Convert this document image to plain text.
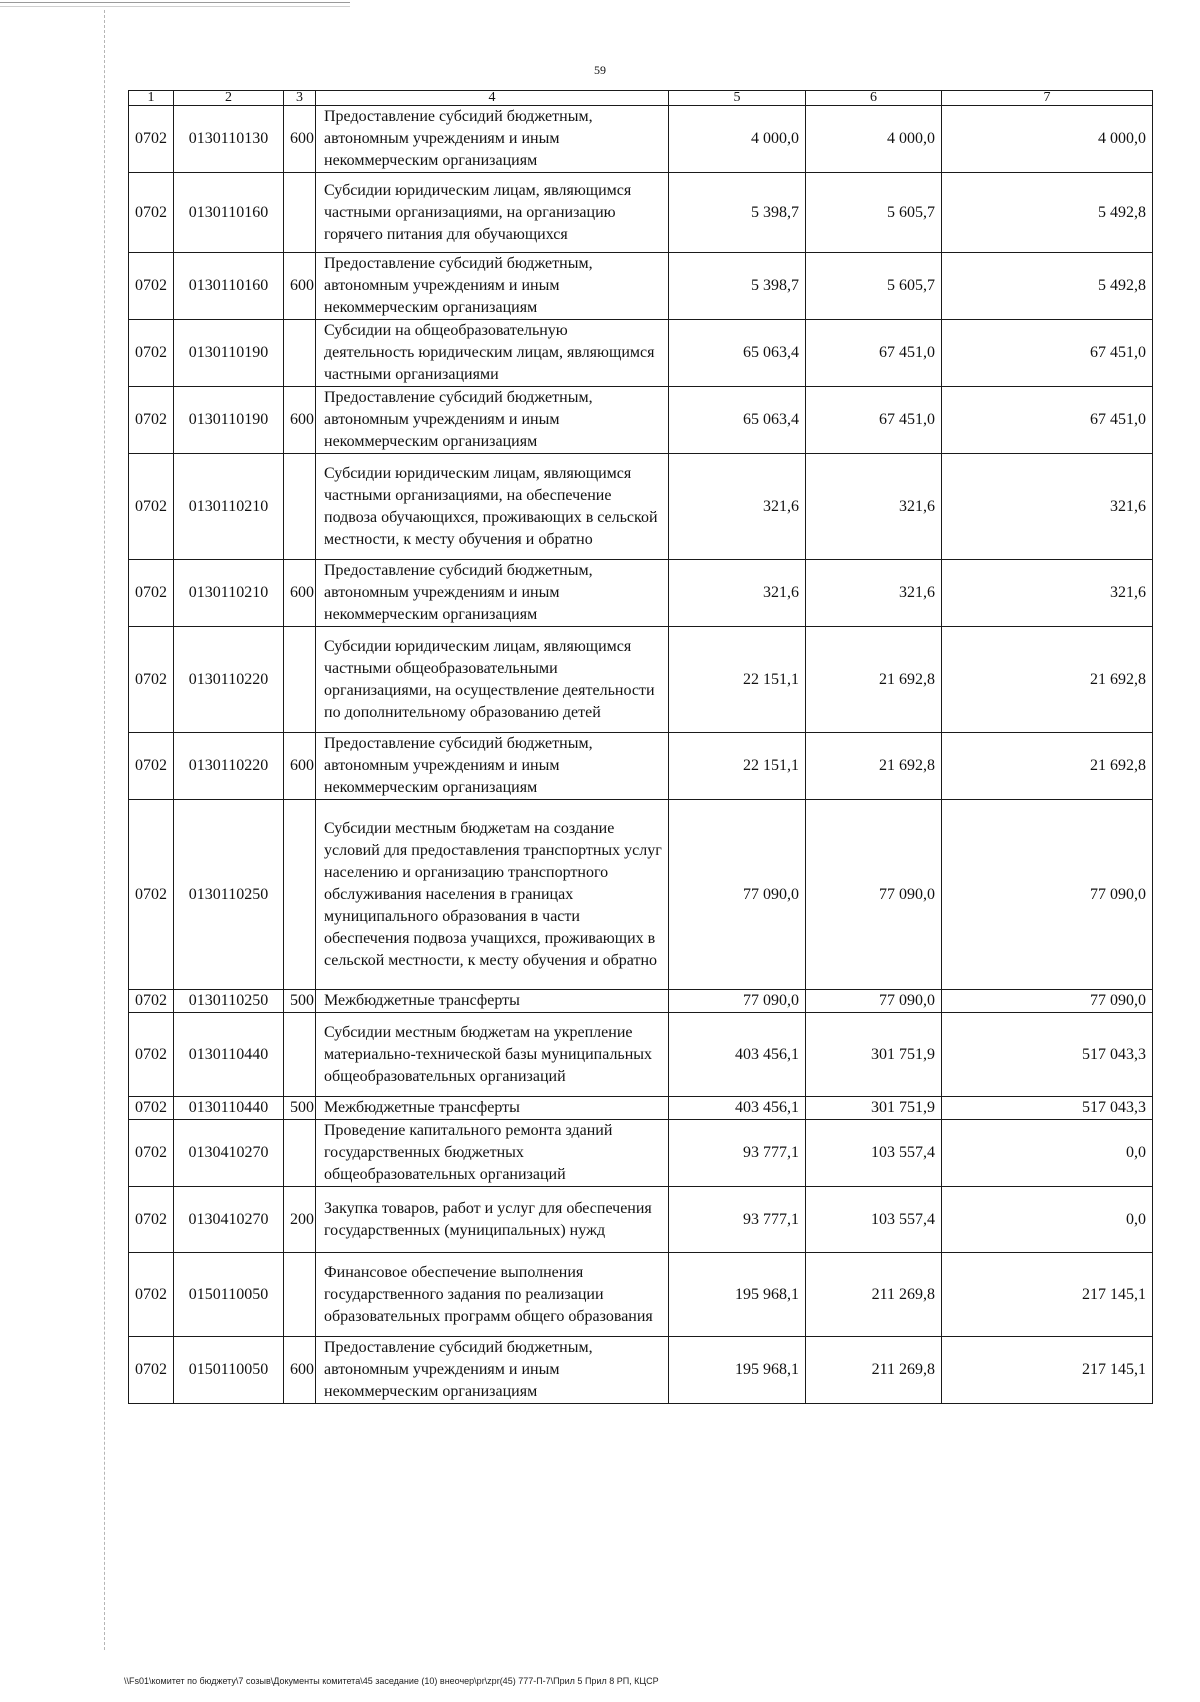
59
1	2	3	4	5	6	7
0702	0130110130	600	Предоставление субсидий бюджетным, автономным учреждениям и иным некоммерческим организациям	4 000,0	4 000,0	4 000,0
0702	0130110160		Субсидии юридическим лицам, являющимся частными организациями, на организацию горячего питания для обучающихся	5 398,7	5 605,7	5 492,8
0702	0130110160	600	Предоставление субсидий бюджетным, автономным учреждениям и иным некоммерческим организациям	5 398,7	5 605,7	5 492,8
0702	0130110190		Субсидии на общеобразовательную деятельность юридическим лицам, являющимся частными организациями	65 063,4	67 451,0	67 451,0
0702	0130110190	600	Предоставление субсидий бюджетным, автономным учреждениям и иным некоммерческим организациям	65 063,4	67 451,0	67 451,0
0702	0130110210		Субсидии юридическим лицам, являющимся частными организациями, на обеспечение подвоза обучающихся, проживающих в сельской местности, к месту обучения и обратно	321,6	321,6	321,6
0702	0130110210	600	Предоставление субсидий бюджетным, автономным учреждениям и иным некоммерческим организациям	321,6	321,6	321,6
0702	0130110220		Субсидии юридическим лицам, являющимся частными общеобразовательными организациями, на осуществление деятельности по дополнительному образованию детей	22 151,1	21 692,8	21 692,8
0702	0130110220	600	Предоставление субсидий бюджетным, автономным учреждениям и иным некоммерческим организациям	22 151,1	21 692,8	21 692,8
0702	0130110250		Субсидии местным бюджетам на создание условий для предоставления транспортных услуг населению и организацию транспортного обслуживания населения в границах муниципального образования в части обеспечения подвоза учащихся, проживающих в сельской местности, к месту обучения и обратно	77 090,0	77 090,0	77 090,0
0702	0130110250	500	Межбюджетные трансферты	77 090,0	77 090,0	77 090,0
0702	0130110440		Субсидии местным бюджетам на укрепление материально-технической базы муниципальных общеобразовательных организаций	403 456,1	301 751,9	517 043,3
0702	0130110440	500	Межбюджетные трансферты	403 456,1	301 751,9	517 043,3
0702	0130410270		Проведение капитального ремонта зданий государственных бюджетных общеобразовательных организаций	93 777,1	103 557,4	0,0
0702	0130410270	200	Закупка товаров, работ и услуг для обеспечения государственных (муниципальных) нужд	93 777,1	103 557,4	0,0
0702	0150110050		Финансовое обеспечение выполнения государственного задания по реализации образовательных программ общего образования	195 968,1	211 269,8	217 145,1
0702	0150110050	600	Предоставление субсидий бюджетным, автономным учреждениям и иным некоммерческим организациям	195 968,1	211 269,8	217 145,1
\\Fs01\комитет по бюджету\7 созыв\Документы комитета\45 заседание (10) внеочер\pr\zpr(45) 777-П-7\Прил 5 Прил 8 РП, КЦСР
